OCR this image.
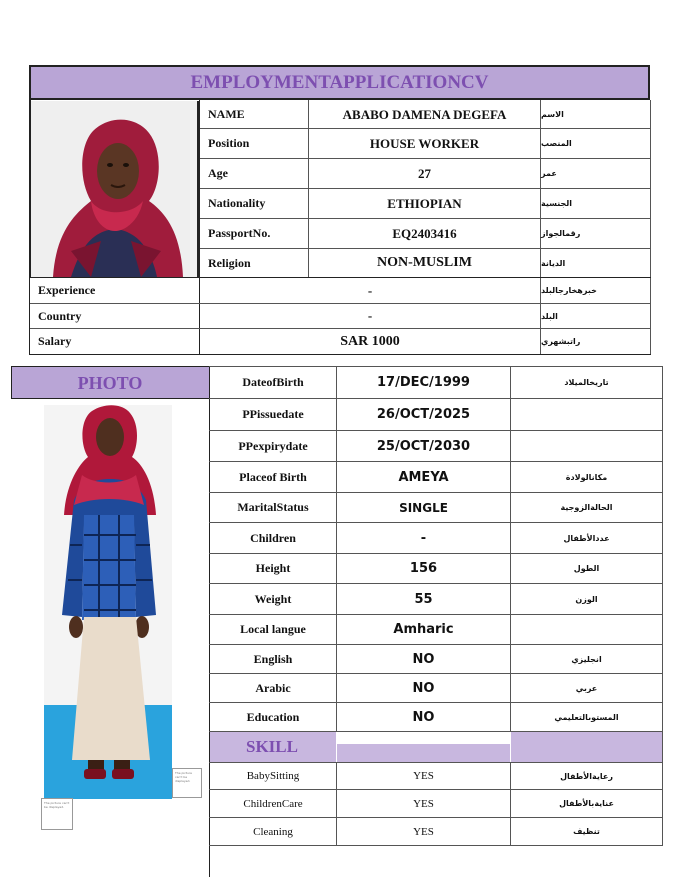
EMPLOYMENTAPPLICATIONCV
NAME	ABABO DAMENA DEGEFA	الاسم
Position	HOUSE WORKER	المنصب
Age	27	عمر
Nationality	ETHIOPIAN	الجنسية
PassportNo.	EQ2403416	رقمالجواز
Religion	NON-MUSLIM	الديانة
Experience	-	خبرهخارجالبلد
Country	-	البلد
Salary	SAR 1000	راتبشهري
PHOTO
The picture can't be displayed.
The picture can't be displayed.
DateofBirth	17/DEC/1999	تاريخالميلاد
PPissuedate	26/OCT/2025
PPexpirydate	25/OCT/2030
Placeof Birth	AMEYA	مكانالولادة
MaritalStatus	SINGLE	الحالةالزوجية
Children	-	عددالأطفال
Height	156	الطول
Weight	55	الوزن
Local langue	Amharic
English	NO	انجليزي
Arabic	NO	عربي
Education	NO	المستوىالتعليمي
SKILL
BabySitting	YES	رعايةالأطفال
ChildrenCare	YES	عنايةبالأطفال
Cleaning	YES	تنظيف
